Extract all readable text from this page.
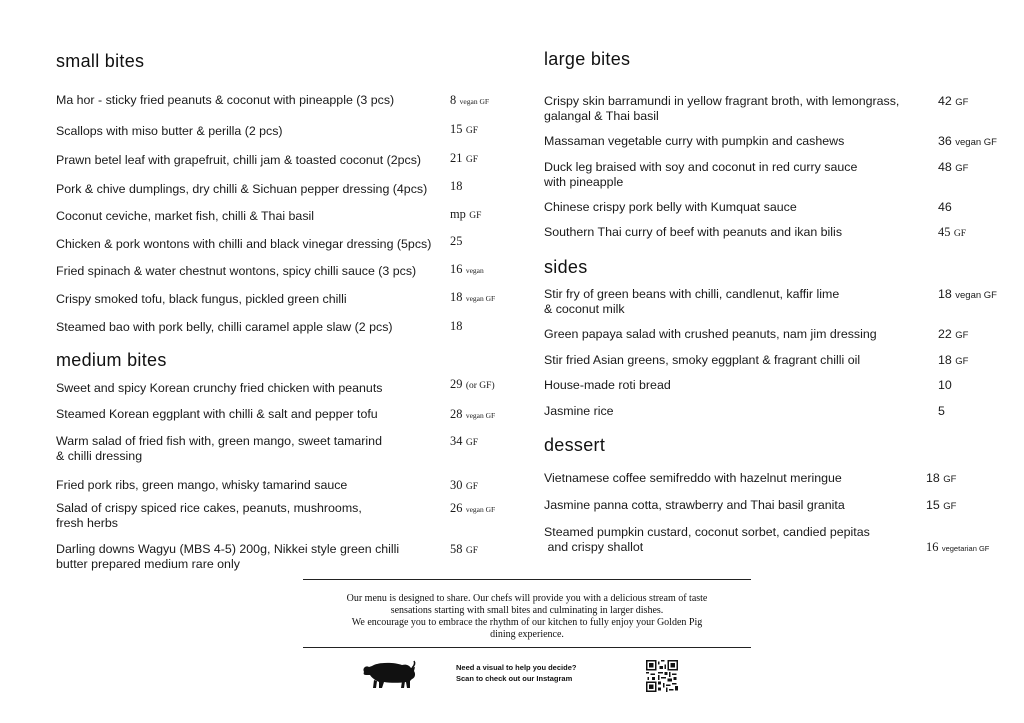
small bites
Ma hor - sticky fried peanuts & coconut with pineapple (3 pcs)	8 vegan GF
Scallops with miso butter & perilla (2 pcs)	15 GF
Prawn betel leaf with grapefruit, chilli jam & toasted coconut (2pcs) 21 GF
Pork & chive dumplings, dry chilli & Sichuan pepper dressing (4pcs) 18
Coconut ceviche, market fish, chilli & Thai basil	mp GF
Chicken & pork wontons with chilli and black vinegar dressing (5pcs) 25
Fried spinach & water chestnut wontons, spicy chilli sauce (3 pcs)	16 vegan
Crispy smoked tofu, black fungus, pickled green chilli	18 vegan GF
Steamed bao with pork belly, chilli caramel apple slaw (2 pcs)	18
medium bites
Sweet and spicy Korean crunchy fried chicken with peanuts	29 (or GF)
Steamed Korean eggplant with chilli & salt and pepper tofu	28 vegan GF
Warm salad of fried fish with, green mango, sweet tamarind
& chilli dressing
34 GF
Fried pork ribs, green mango, whisky tamarind sauce	30 GF
Salad of crispy spiced rice cakes, peanuts, mushrooms,
fresh herbs
26 vegan GF
Darling downs Wagyu (MBS 4-5) 200g, Nikkei style green chilli
butter prepared medium rare only
58 GF
large bites
Crispy skin barramundi in yellow fragrant broth, with lemongrass,
galangal & Thai basil
42 GF
Massaman vegetable curry with pumpkin and cashews	36 vegan GF
Duck leg braised with soy and coconut in red curry sauce
with pineapple
48 GF
Chinese crispy pork belly with Kumquat sauce	46
Southern Thai curry of beef with peanuts and ikan bilis	45 GF
sides
Stir fry of green beans with chilli, candlenut, kaffir lime
& coconut milk
18 vegan GF
Green papaya salad with crushed peanuts, nam jim dressing	22 GF
Stir fried Asian greens, smoky eggplant & fragrant chilli oil	18 GF
House-made roti bread	10
Jasmine rice	5
dessert
Vietnamese coffee semifreddo with hazelnut meringue	18 GF
Jasmine panna cotta, strawberry and Thai basil granita	15 GF
Steamed pumpkin custard, coconut sorbet, candied pepitas
and crispy shallot	16 vegetarian GF
Our menu is designed to share. Our chefs will provide you with a delicious stream of taste
sensations starting with small bites and culminating in larger dishes.
We encourage you to embrace the rhythm of our kitchen to fully enjoy your Golden Pig
dining experience.
Need a visual to help you decide?
Scan to check out our Instagram
